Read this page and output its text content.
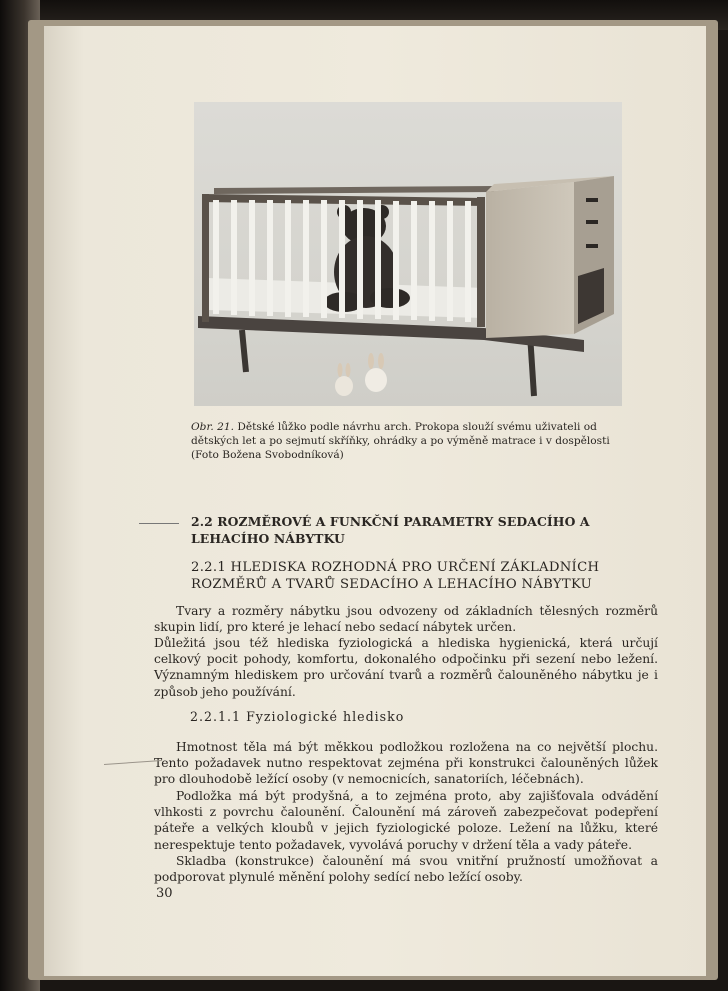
Obr. 21. Dětské lůžko podle návrhu arch. Prokopa slouží svému uživateli od dětských let a po sejmutí skříňky, ohrádky a po výměně matrace i v dospělosti (Foto Božena Svobodníková)
2.2 ROZMĚROVÉ A FUNKČNÍ PARAMETRY SEDACÍHO A LEHACÍHO NÁBYTKU
2.2.1 HLEDISKA ROZHODNÁ PRO URČENÍ ZÁKLADNÍCH ROZMĚRŮ A TVARŮ SEDACÍHO A LEHACÍHO NÁBYTKU

Tvary a rozměry nábytku jsou odvozeny od základních tělesných rozměrů skupin lidí, pro které je lehací nebo sedací nábytek určen.

Důležitá jsou též hlediska fyziologická a hlediska hygienická, která určují celkový pocit pohody, komfortu, dokonalého odpočinku při sezení nebo ležení. Významným hlediskem pro určování tvarů a rozměrů čalouněného nábytku je i způsob jeho používání.

2.2.1.1 Fyziologické hledisko

Hmotnost těla má být měkkou podložkou rozložena na co největší plochu. Tento požadavek nutno respektovat zejména při konstrukci čalouněných lůžek pro dlouhodobě ležící osoby (v nemocnicích, sanatoriích, léčebnách).

Podložka má být prodyšná, a to zejména proto, aby zajišťovala odvádění vlhkosti z povrchu čalounění. Čalounění má zároveň zabezpečovat podepření páteře a velkých kloubů v jejich fyziologické poloze. Ležení na lůžku, které nerespektuje tento požadavek, vyvolává poruchy v držení těla a vady páteře.

Skladba (konstrukce) čalounění má svou vnitřní pružností umožňovat a podporovat plynulé měnění polohy sedící nebo ležící osoby.

30
